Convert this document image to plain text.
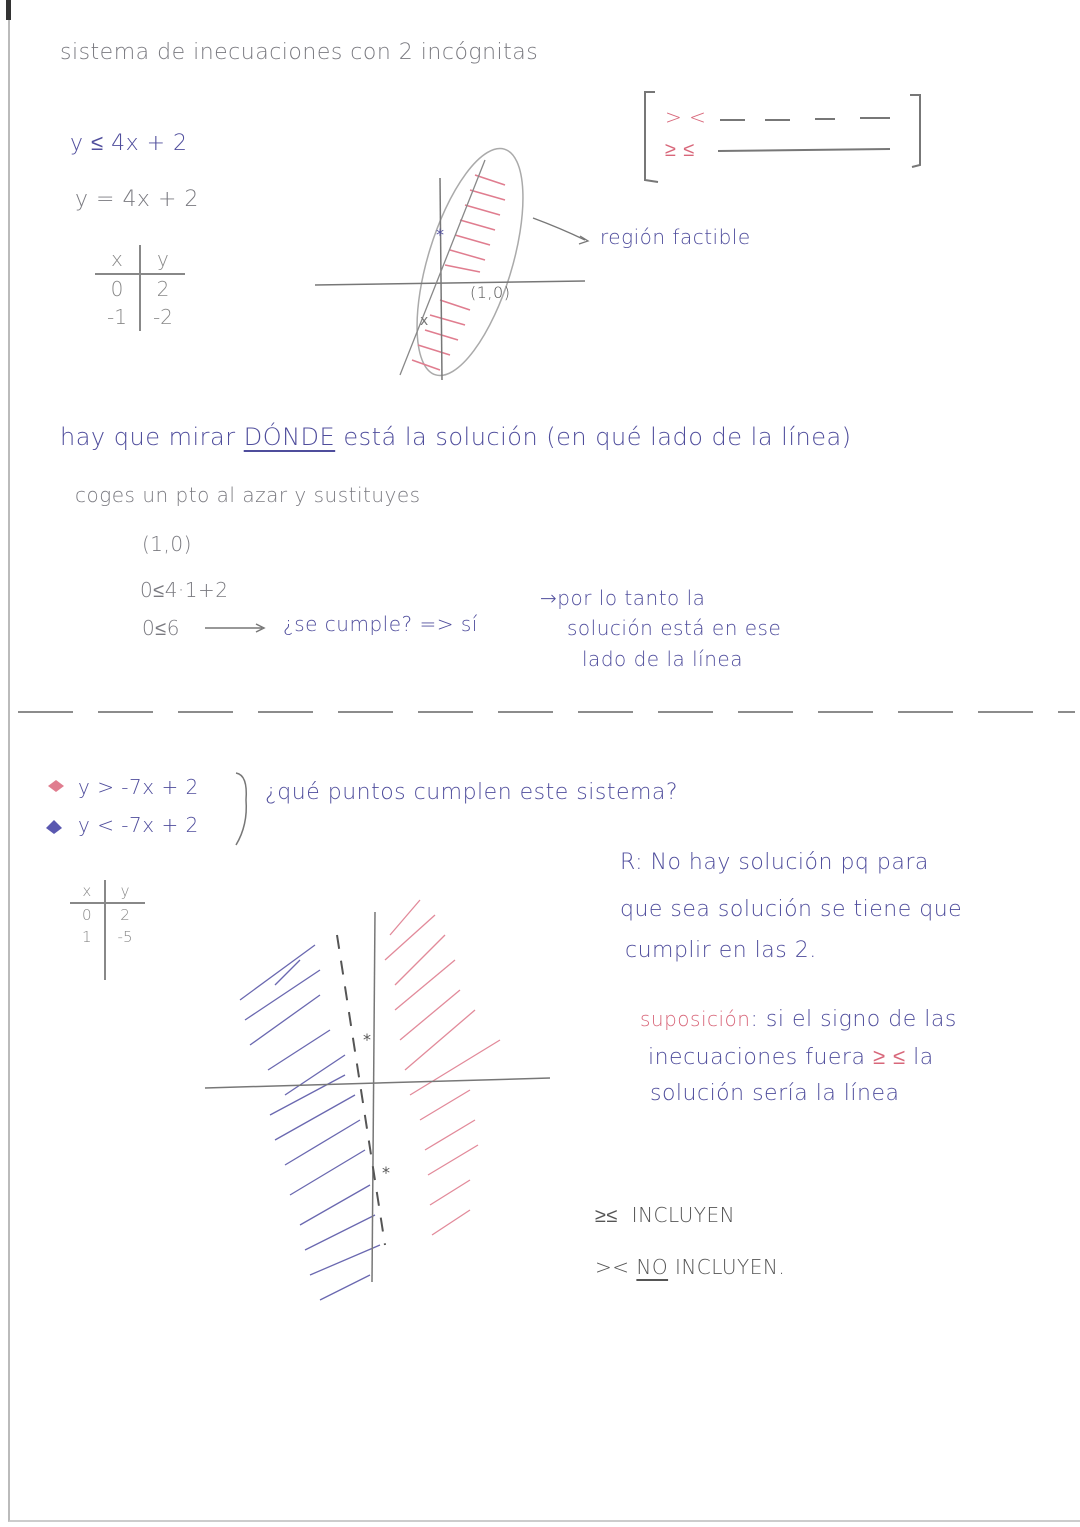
sistema de inecuaciones con 2 incógnitas
> <
≥ ≤
y ≤ 4x + 2
y = 4x + 2
x	y
0	2
-1	-2
*
x
(1,0)
región factible
hay que mirar DÓNDE está la solución (en qué lado de la línea)
coges un pto al azar y sustituyes
(1,0)
0≤4·1+2
0≤6	¿se cumple? => sí
→por lo tanto la
solución está en ese
lado de la línea
y > -7x + 2
y < -7x + 2
¿qué puntos cumplen este sistema?
x	y
0	2
1	-5

*
*
R: No hay solución pq para
que sea solución se tiene que
cumplir en las 2.
suposición: si el signo de las
inecuaciones fuera ≥ ≤ la
solución sería la línea
≥≤ INCLUYEN
>< NO INCLUYEN.
